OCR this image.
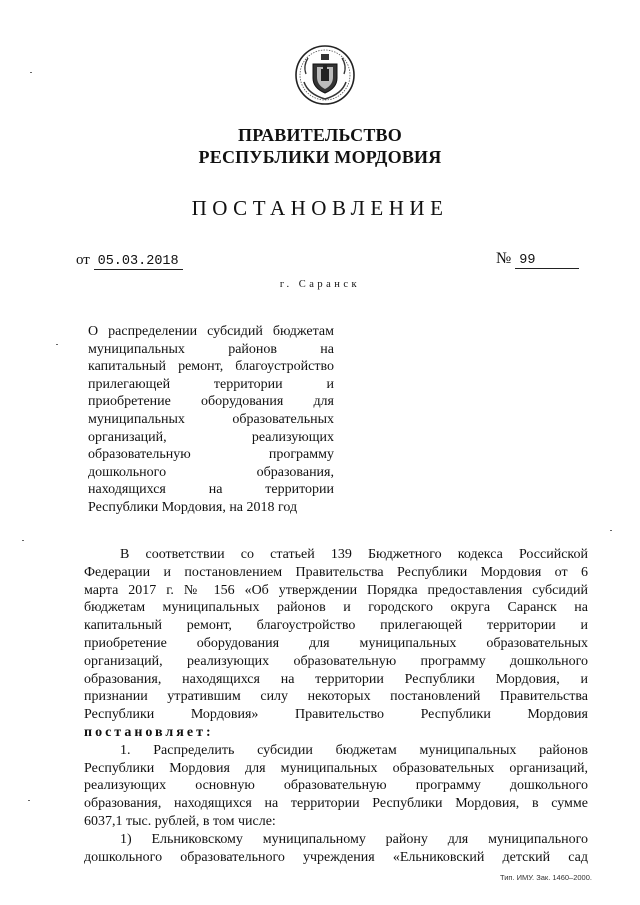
ПРАВИТЕЛЬСТВО
РЕСПУБЛИКИ МОРДОВИЯ
ПОСТАНОВЛЕНИЕ
от 05.03.2018	№ 99
г. Саранск
О распределении субсидий бюджетам
муниципальных районов на
капитальный ремонт, благоустройство
прилегающей территории и
приобретение оборудования для
муниципальных образовательных
организаций, реализующих
образовательную программу
дошкольного образования,
находящихся на территории
Республики Мордовия, на 2018 год
В соответствии со статьей 139 Бюджетного кодекса Российской
Федерации и постановлением Правительства Республики Мордовия от 6
марта 2017 г. № 156 «Об утверждении Порядка предоставления субсидий
бюджетам муниципальных районов и городского округа Саранск на
капитальный ремонт, благоустройство прилегающей территории и
приобретение оборудования для муниципальных образовательных
организаций, реализующих образовательную программу дошкольного
образования, находящихся на территории Республики Мордовия, и
признании утратившим силу некоторых постановлений Правительства
Республики Мордовия» Правительство Республики Мордовия
постановляет:
1. Распределить субсидии бюджетам муниципальных районов
Республики Мордовия для муниципальных образовательных организаций,
реализующих основную образовательную программу дошкольного
образования, находящихся на территории Республики Мордовия, в сумме
6037,1 тыс. рублей, в том числе:
1) Ельниковскому муниципальному району для муниципального
дошкольного образовательного учреждения «Ельниковский детский сад
Тип. ИМУ. Зак. 1460–2000.
